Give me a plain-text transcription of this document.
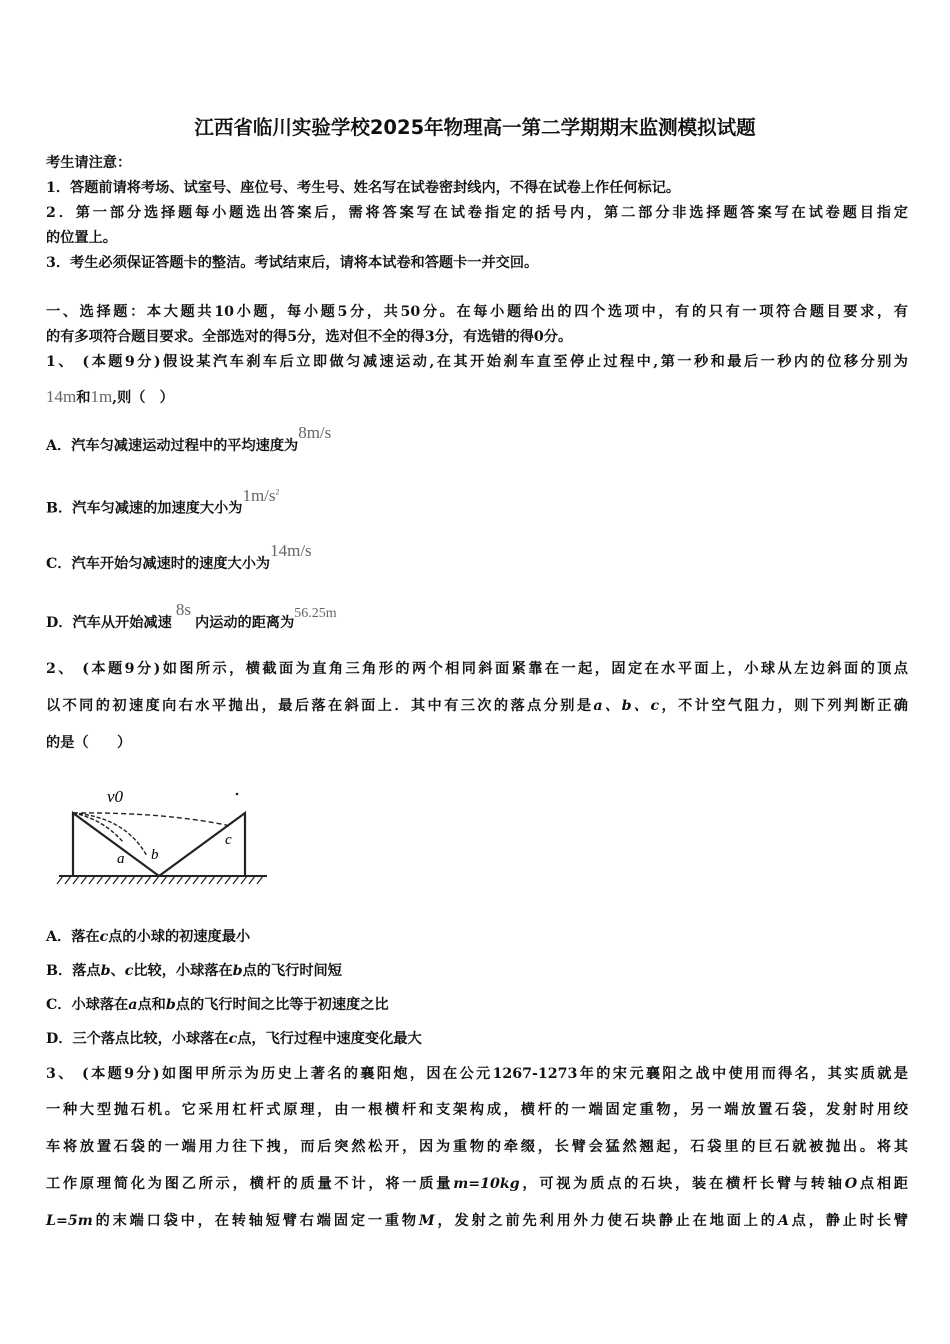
江西省临川实验学校2025年物理高一第二学期期末监测模拟试题
考生请注意：
1．答题前请将考场、试室号、座位号、考生号、姓名写在试卷密封线内，不得在试卷上作任何标记。
2．第一部分选择题每小题选出答案后，需将答案写在试卷指定的括号内，第二部分非选择题答案写在试卷题目指定
的位置上。
3．考生必须保证答题卡的整洁。考试结束后，请将本试卷和答题卡一并交回。
一、选择题：本大题共10小题，每小题5分，共50分。在每小题给出的四个选项中，有的只有一项符合题目要求，有
的有多项符合题目要求。全部选对的得5分，选对但不全的得3分，有选错的得0分。
1、 (本题9分)假设某汽车刹车后立即做匀减速运动,在其开始刹车直至停止过程中,第一秒和最后一秒内的位移分别为
14m和1m,则（　）
A．汽车匀减速运动过程中的平均速度为8m/s
B．汽车匀减速的加速度大小为$1m/s^2$
C．汽车开始匀减速时的速度大小为14m/s
D．汽车从开始减速8s内运动的距离为56.25m
2、 (本题9分)如图所示，横截面为直角三角形的两个相同斜面紧靠在一起，固定在水平面上，小球从左边斜面的顶点
以不同的初速度向右水平抛出，最后落在斜面上．其中有三次的落点分别是a、b、c，不计空气阻力，则下列判断正确
的是（　　）
v0
a b
c
A．落在c点的小球的初速度最小
B．落点b、c比较，小球落在b点的飞行时间短
C．小球落在a点和b点的飞行时间之比等于初速度之比
D．三个落点比较，小球落在c点，飞行过程中速度变化最大
3、 (本题9分)如图甲所示为历史上著名的襄阳炮，因在公元1267-1273年的宋元襄阳之战中使用而得名，其实质就是
一种大型抛石机。它采用杠杆式原理，由一根横杆和支架构成，横杆的一端固定重物，另一端放置石袋，发射时用绞
车将放置石袋的一端用力往下拽，而后突然松开，因为重物的牵缀，长臂会猛然翘起，石袋里的巨石就被抛出。将其
工作原理简化为图乙所示，横杆的质量不计，将一质量m=10kg，可视为质点的石块，装在横杆长臂与转轴O点相距
L=5m的末端口袋中，在转轴短臂右端固定一重物M，发射之前先利用外力使石块静止在地面上的A点，静止时长臂
